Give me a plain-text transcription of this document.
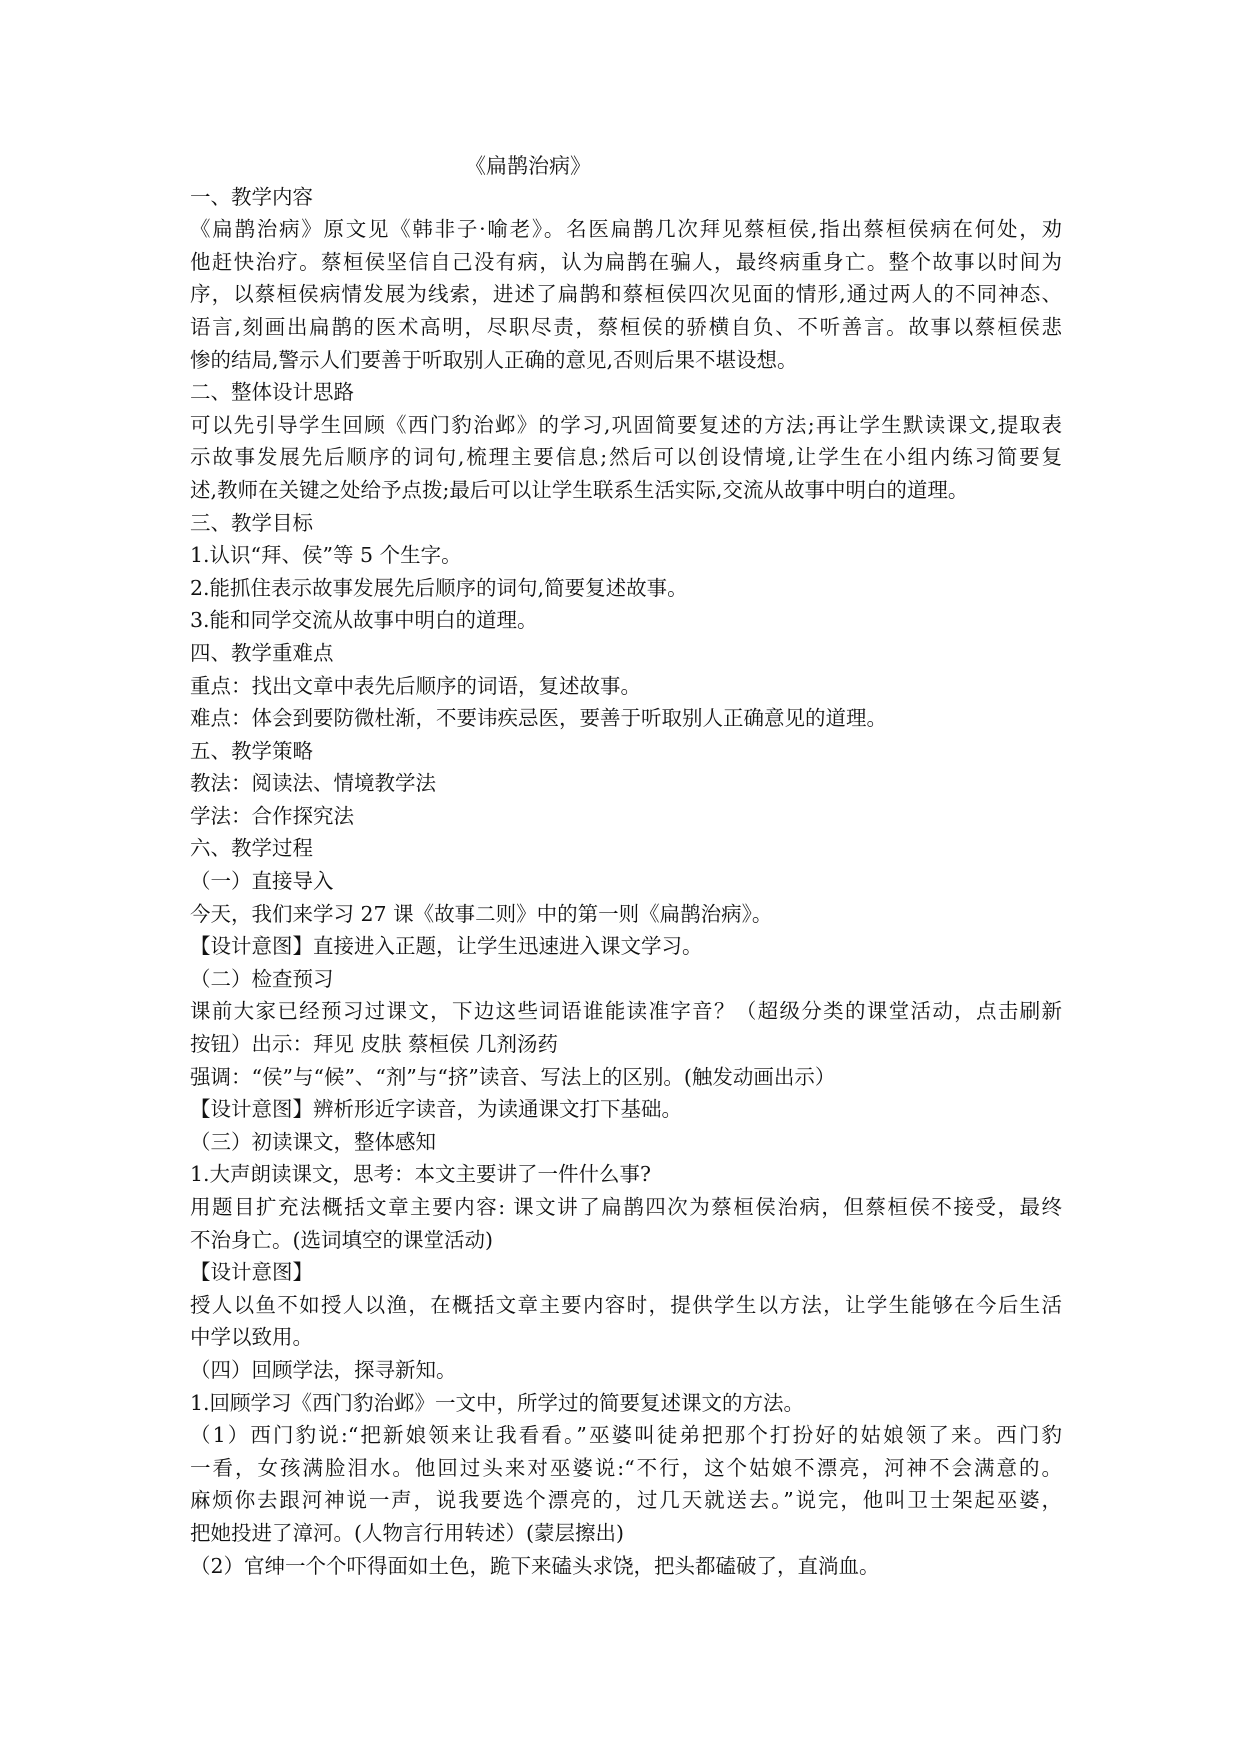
《扁鹊治病》
一、教学内容
《扁鹊治病》原文见《韩非子·喻老》。名医扁鹊几次拜见蔡桓侯,指出蔡桓侯病在何处，劝
他赶快治疗。蔡桓侯坚信自己没有病，认为扁鹊在骗人，最终病重身亡。整个故事以时间为
序，以蔡桓侯病情发展为线索，进述了扁鹊和蔡桓侯四次见面的情形,通过两人的不同神态、
语言,刻画出扁鹊的医术高明，尽职尽责，蔡桓侯的骄横自负、不听善言。故事以蔡桓侯悲
惨的结局,警示人们要善于听取别人正确的意见,否则后果不堪设想。
二、整体设计思路
可以先引导学生回顾《西门豹治邺》的学习,巩固简要复述的方法;再让学生默读课文,提取表
示故事发展先后顺序的词句,梳理主要信息;然后可以创设情境,让学生在小组内练习简要复
述,教师在关键之处给予点拨;最后可以让学生联系生活实际,交流从故事中明白的道理。
三、教学目标
1.认识“拜、侯”等 5 个生字。
2.能抓住表示故事发展先后顺序的词句,简要复述故事。
3.能和同学交流从故事中明白的道理。
四、教学重难点
重点：找出文章中表先后顺序的词语，复述故事。
难点：体会到要防微杜渐，不要讳疾忌医，要善于听取别人正确意见的道理。
五、教学策略
教法：阅读法、情境教学法
学法：合作探究法
六、教学过程
（一）直接导入
今天，我们来学习 27 课《故事二则》中的第一则《扁鹊治病》。
【设计意图】直接进入正题，让学生迅速进入课文学习。
（二）检查预习
课前大家已经预习过课文，下边这些词语谁能读准字音？（超级分类的课堂活动，点击刷新
按钮）出示：拜见 皮肤 蔡桓侯 几剂汤药
强调：“侯”与“候”、“剂”与“挤”读音、写法上的区别。(触发动画出示）
【设计意图】辨析形近字读音，为读通课文打下基础。
（三）初读课文，整体感知
1.大声朗读课文，思考：本文主要讲了一件什么事?
用题目扩充法概括文章主要内容: 课文讲了扁鹊四次为蔡桓侯治病，但蔡桓侯不接受，最终
不治身亡。(选词填空的课堂活动)
【设计意图】
授人以鱼不如授人以渔，在概括文章主要内容时，提供学生以方法，让学生能够在今后生活
中学以致用。
（四）回顾学法，探寻新知。
1.回顾学习《西门豹治邺》一文中，所学过的简要复述课文的方法。
（1）西门豹说:“把新娘领来让我看看。”巫婆叫徒弟把那个打扮好的姑娘领了来。西门豹
一看，女孩满脸泪水。他回过头来对巫婆说:“不行，这个姑娘不漂亮，河神不会满意的。
麻烦你去跟河神说一声，说我要选个漂亮的，过几天就送去。”说完，他叫卫士架起巫婆，
把她投进了漳河。(人物言行用转述）(蒙层擦出)
（2）官绅一个个吓得面如土色，跪下来磕头求饶，把头都磕破了，直淌血。
